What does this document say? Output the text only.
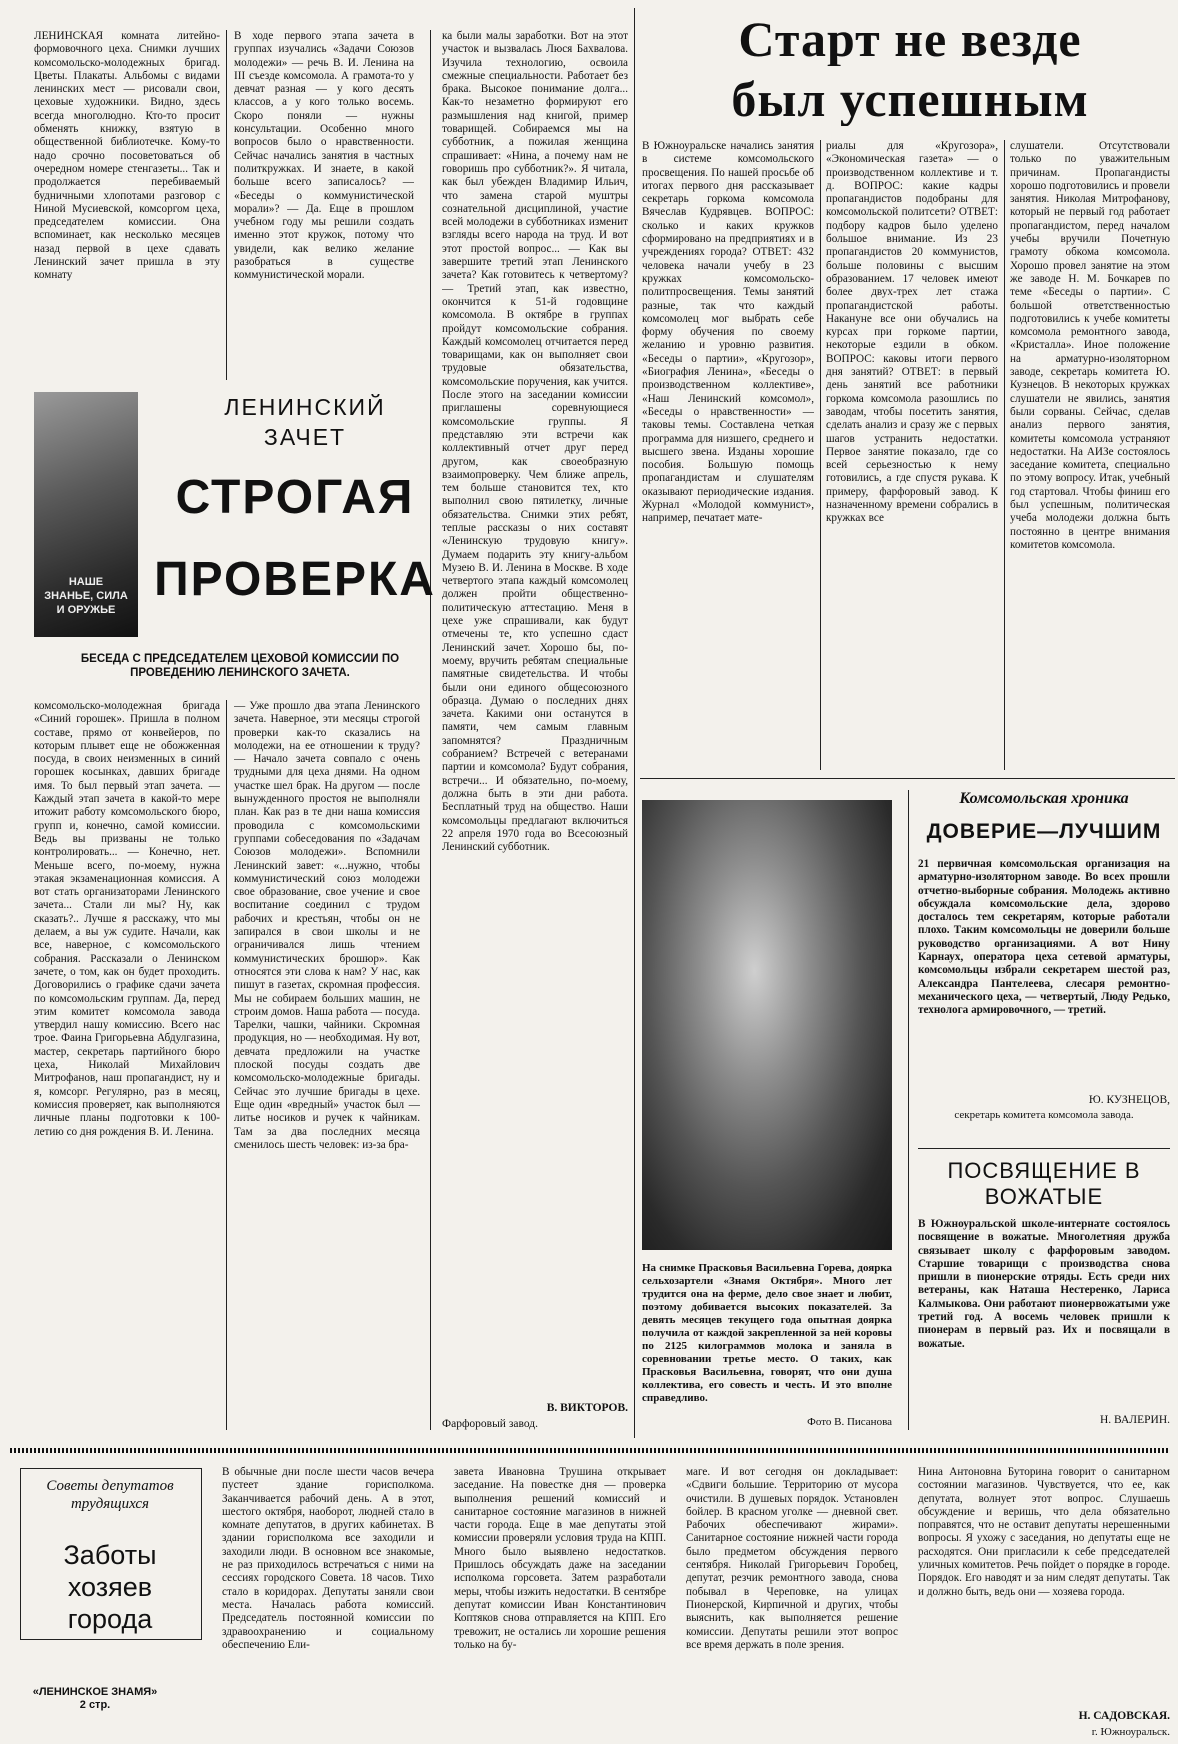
ЛЕНИНСКАЯ комната литейно-формовочного цеха. Снимки лучших комсомольско-молодежных бригад. Цветы. Плакаты. Альбомы с видами ленинских мест — рисовали свои, цеховые художники. Видно, здесь всегда многолюдно. Кто-то просит обменять книжку, взятую в общественной библиотечке. Кому-то надо срочно посоветоваться об очередном номере стенгазеты... Так и продолжается перебиваемый будничными хлопотами разговор с Ниной Мусиевской, комсоргом цеха, председателем комиссии. Она вспоминает, как несколько месяцев назад первой в цехе сдавать Ленинский зачет пришла в эту комнату
В ходе первого этапа зачета в группах изучались «Задачи Союзов молодежи» — речь В. И. Ленина на III съезде комсомола. А грамота-то у девчат разная — у кого десять классов, а у кого только восемь. Скоро поняли — нужны консультации. Особенно много вопросов было о нравственности. Сейчас начались занятия в частных политкружках. И знаете, в какой больше всего записалось? — «Беседы о коммунистической морали»? — Да. Еще в прошлом учебном году мы решили создать именно этот кружок, потому что увидели, как велико желание разобраться в существе коммунистической морали.
ка были малы заработки. Вот на этот участок и вызвалась Люся Бахвалова. Изучила технологию, освоила смежные специальности. Работает без брака. Высокое понимание долга... Как-то незаметно формируют его размышления над книгой, пример товарищей. Собираемся мы на субботник, а пожилая женщина спрашивает: «Нина, а почему нам не говоришь про субботник?». Я читала, как был убежден Владимир Ильич, что замена старой муштры сознательной дисциплиной, участие всей молодежи в субботниках изменит взгляды всего народа на труд. И вот этот простой вопрос... — Как вы завершите третий этап Ленинского зачета? Как готовитесь к четвертому? — Третий этап, как известно, окончится к 51-й годовщине комсомола. В октябре в группах пройдут комсомольские собрания. Каждый комсомолец отчитается перед товарищами, как он выполняет свои трудовые обязательства, комсомольские поручения, как учится. После этого на заседании комиссии приглашены соревнующиеся комсомольские группы. Я представляю эти встречи как коллективный отчет друг перед другом, как своеобразную взаимопроверку. Чем ближе апрель, тем больше становится тех, кто выполнил свою пятилетку, личные обязательства. Снимки этих ребят, теплые рассказы о них составят «Ленинскую трудовую книгу». Думаем подарить эту книгу-альбом Музею В. И. Ленина в Москве. В ходе четвертого этапа каждый комсомолец должен пройти общественно-политическую аттестацию. Меня в цехе уже спрашивали, как будут отмечены те, кто успешно сдаст Ленинский зачет. Хорошо бы, по-моему, вручить ребятам специальные памятные свидетельства. И чтобы были они единого общесоюзного образца. Думаю о последних днях зачета. Какими они останутся в памяти, чем самым главным запомнятся? Праздничным собранием? Встречей с ветеранами партии и комсомола? Будут собрания, встречи... И обязательно, по-моему, должна быть в эти дни работа. Бесплатный труд на общество. Наши комсомольцы предлагают включиться 22 апреля 1970 года во Всесоюзный Ленинский субботник.
НАШЕ ЗНАНЬЕ, СИЛА И ОРУЖЬЕ
ЛЕНИНСКИЙ ЗАЧЕТ
СТРОГАЯ
ПРОВЕРКА
БЕСЕДА С ПРЕДСЕДАТЕЛЕМ ЦЕХОВОЙ КОМИССИИ ПО ПРОВЕДЕНИЮ ЛЕНИНСКОГО ЗАЧЕТА.
комсомольско-молодежная бригада «Синий горошек». Пришла в полном составе, прямо от конвейеров, по которым плывет еще не обожженная посуда, в своих неизменных в синий горошек косынках, давших бригаде имя. То был первый этап зачета. — Каждый этап зачета в какой-то мере итожит работу комсомольского бюро, групп и, конечно, самой комиссии. Ведь вы призваны не только контролировать... — Конечно, нет. Меньше всего, по-моему, нужна этакая экзаменационная комиссия. А вот стать организаторами Ленинского зачета... Стали ли мы? Ну, как сказать?.. Лучше я расскажу, что мы делаем, а вы уж судите. Начали, как все, наверное, с комсомольского собрания. Рассказали о Ленинском зачете, о том, как он будет проходить. Договорились о графике сдачи зачета по комсомольским группам. Да, перед этим комитет комсомола завода утвердил нашу комиссию. Всего нас трое. Фаина Григорьевна Абдулгазина, мастер, секретарь партийного бюро цеха, Николай Михайлович Митрофанов, наш пропагандист, ну и я, комсорг. Регулярно, раз в месяц, комиссия проверяет, как выполняются личные планы подготовки к 100-летию со дня рождения В. И. Ленина.
— Уже прошло два этапа Ленинского зачета. Наверное, эти месяцы строгой проверки как-то сказались на молодежи, на ее отношении к труду? — Начало зачета совпало с очень трудными для цеха днями. На одном участке шел брак. На другом — после вынужденного простоя не выполняли план. Как раз в те дни наша комиссия проводила с комсомольскими группами собеседования по «Задачам Союзов молодежи». Вспомнили Ленинский завет: «...нужно, чтобы коммунистический союз молодежи свое образование, свое учение и свое воспитание соединил с трудом рабочих и крестьян, чтобы он не запирался в свои школы и не ограничивался лишь чтением коммунистических брошюр». Как относятся эти слова к нам? У нас, как пишут в газетах, скромная профессия. Мы не собираем больших машин, не строим домов. Наша работа — посуда. Тарелки, чашки, чайники. Скромная продукция, но — необходимая. Ну вот, девчата предложили на участке плоской посуды создать две комсомольско-молодежные бригады. Сейчас это лучшие бригады в цехе. Еще один «вредный» участок был — литье носиков и ручек к чайникам. Там за два последних месяца сменилось шесть человек: из-за бра-
В. ВИКТОРОВ.
Фарфоровый завод.
Старт не везде
был успешным
В Южноуральске начались занятия в системе комсомольского просвещения. По нашей просьбе об итогах первого дня рассказывает секретарь горкома комсомола Вячеслав Кудрявцев. ВОПРОС: сколько и каких кружков сформировано на предприятиях и в учреждениях города? ОТВЕТ: 432 человека начали учебу в 23 кружках комсомольско-политпросвещения. Темы занятий разные, так что каждый комсомолец мог выбрать себе форму обучения по своему желанию и уровню развития. «Беседы о партии», «Кругозор», «Биография Ленина», «Беседы о производственном коллективе», «Наш Ленинский комсомол», «Беседы о нравственности» — таковы темы. Составлена четкая программа для низшего, среднего и высшего звена. Изданы хорошие пособия. Большую помощь пропагандистам и слушателям оказывают периодические издания. Журнал «Молодой коммунист», например, печатает мате-
риалы для «Кругозора», «Экономическая газета» — о производственном коллективе и т. д. ВОПРОС: какие кадры пропагандистов подобраны для комсомольской политсети? ОТВЕТ: подбору кадров было уделено большое внимание. Из 23 пропагандистов 20 коммунистов, больше половины с высшим образованием. 17 человек имеют более двух-трех лет стажа пропагандистской работы. Накануне все они обучались на курсах при горкоме партии, некоторые ездили в обком. ВОПРОС: каковы итоги первого дня занятий? ОТВЕТ: в первый день занятий все работники горкома комсомола разошлись по заводам, чтобы посетить занятия, сделать анализ и сразу же с первых шагов устранить недостатки. Первое занятие показало, где со всей серьезностью к нему готовились, а где спустя рукава. К примеру, фарфоровый завод. К назначенному времени собрались в кружках все
слушатели. Отсутствовали только по уважительным причинам. Пропагандисты хорошо подготовились и провели занятия. Николая Митрофанову, который не первый год работает пропагандистом, перед началом учебы вручили Почетную грамоту обкома комсомола. Хорошо провел занятие на этом же заводе Н. М. Бочкарев по теме «Беседы о партии». С большой ответственностью подготовились к учебе комитеты комсомола ремонтного завода, «Кристалла». Иное положение на арматурно-изоляторном заводе, секретарь комитета Ю. Кузнецов. В некоторых кружках слушатели не явились, занятия были сорваны. Сейчас, сделав анализ первого занятия, комитеты комсомола устраняют недостатки. На АИЗе состоялось заседание комитета, специально по этому вопросу. Итак, учебный год стартовал. Чтобы финиш его был успешным, политическая учеба молодежи должна быть постоянно в центре внимания комитетов комсомола.
На снимке Прасковья Васильевна Горева, доярка сельхозартели «Знамя Октября». Много лет трудится она на ферме, дело свое знает и любит, поэтому добивается высоких показателей. За девять месяцев текущего года опытная доярка получила от каждой закрепленной за ней коровы по 2125 килограммов молока и заняла в соревновании третье место. О таких, как Прасковья Васильевна, говорят, что они душа коллектива, его совесть и честь. И это вполне справедливо.
Фото В. Писанова
Комсомольская хроника
ДОВЕРИЕ—ЛУЧШИМ
21 первичная комсомольская организация на арматурно-изоляторном заводе. Во всех прошли отчетно-выборные собрания. Молодежь активно обсуждала комсомольские дела, здорово досталось тем секретарям, которые работали плохо. Таким комсомольцы не доверили больше руководство организациями. А вот Нину Карнаух, оператора цеха сетевой арматуры, комсомольцы избрали секретарем шестой раз, Александра Пантелеева, слесаря ремонтно-механического цеха, — четвертый, Люду Редько, технолога армировочного, — третий.
Ю. КУЗНЕЦОВ,
секретарь комитета комсомола завода.
ПОСВЯЩЕНИЕ В ВОЖАТЫЕ
В Южноуральской школе-интернате состоялось посвящение в вожатые. Многолетняя дружба связывает школу с фарфоровым заводом. Старшие товарищи с производства снова пришли в пионерские отряды. Есть среди них ветераны, как Наташа Нестеренко, Лариса Калмыкова. Они работают пионервожатыми уже третий год. А восемь человек пришли к пионерам в первый раз. Их и посвящали в вожатые.
Н. ВАЛЕРИН.
Советы депутатов трудящихся
Заботы хозяев города
«ЛЕНИНСКОЕ ЗНАМЯ» 2 стр.
В обычные дни после шести часов вечера пустеет здание горисполкома. Заканчивается рабочий день. А в этот, шестого октября, наоборот, людней стало в комнате депутатов, в других кабинетах. В здании горисполкома все заходили и заходили люди. В основном все знакомые, не раз приходилось встречаться с ними на сессиях городского Совета. 18 часов. Тихо стало в коридорах. Депутаты заняли свои места. Началась работа комиссий. Председатель постоянной комиссии по здравоохранению и социальному обеспечению Ели-
завета Ивановна Трушина открывает заседание. На повестке дня — проверка выполнения решений комиссий и санитарное состояние магазинов в нижней части города. Еще в мае депутаты этой комиссии проверяли условия труда на КПП. Много было выявлено недостатков. Пришлось обсуждать даже на заседании исполкома горсовета. Затем разработали меры, чтобы изжить недостатки. В сентябре депутат комиссии Иван Константинович Коптяков снова отправляется на КПП. Его тревожит, не остались ли хорошие решения только на бу-
маге. И вот сегодня он докладывает: «Сдвиги большие. Территорию от мусора очистили. В душевых порядок. Установлен бойлер. В красном уголке — дневной свет. Рабочих обеспечивают жирами». Санитарное состояние нижней части города было предметом обсуждения первого сентября. Николай Григорьевич Горобец, депутат, резчик ремонтного завода, снова побывал в Череповке, на улицах Пионерской, Кирпичной и других, чтобы выяснить, как выполняется решение комиссии. Депутаты решили этот вопрос все время держать в поле зрения.
Нина Антоновна Буторина говорит о санитарном состоянии магазинов. Чувствуется, что ее, как депутата, волнует этот вопрос. Слушаешь обсуждение и веришь, что дела обязательно поправятся, что не оставит депутаты нерешенными вопросы. Я ухожу с заседания, но депутаты еще не расходятся. Они пригласили к себе председателей уличных комитетов. Речь пойдет о порядке в городе. Порядок. Его наводят и за ним следят депутаты. Так и должно быть, ведь они — хозяева города.
Н. САДОВСКАЯ.
г. Южноуральск.
